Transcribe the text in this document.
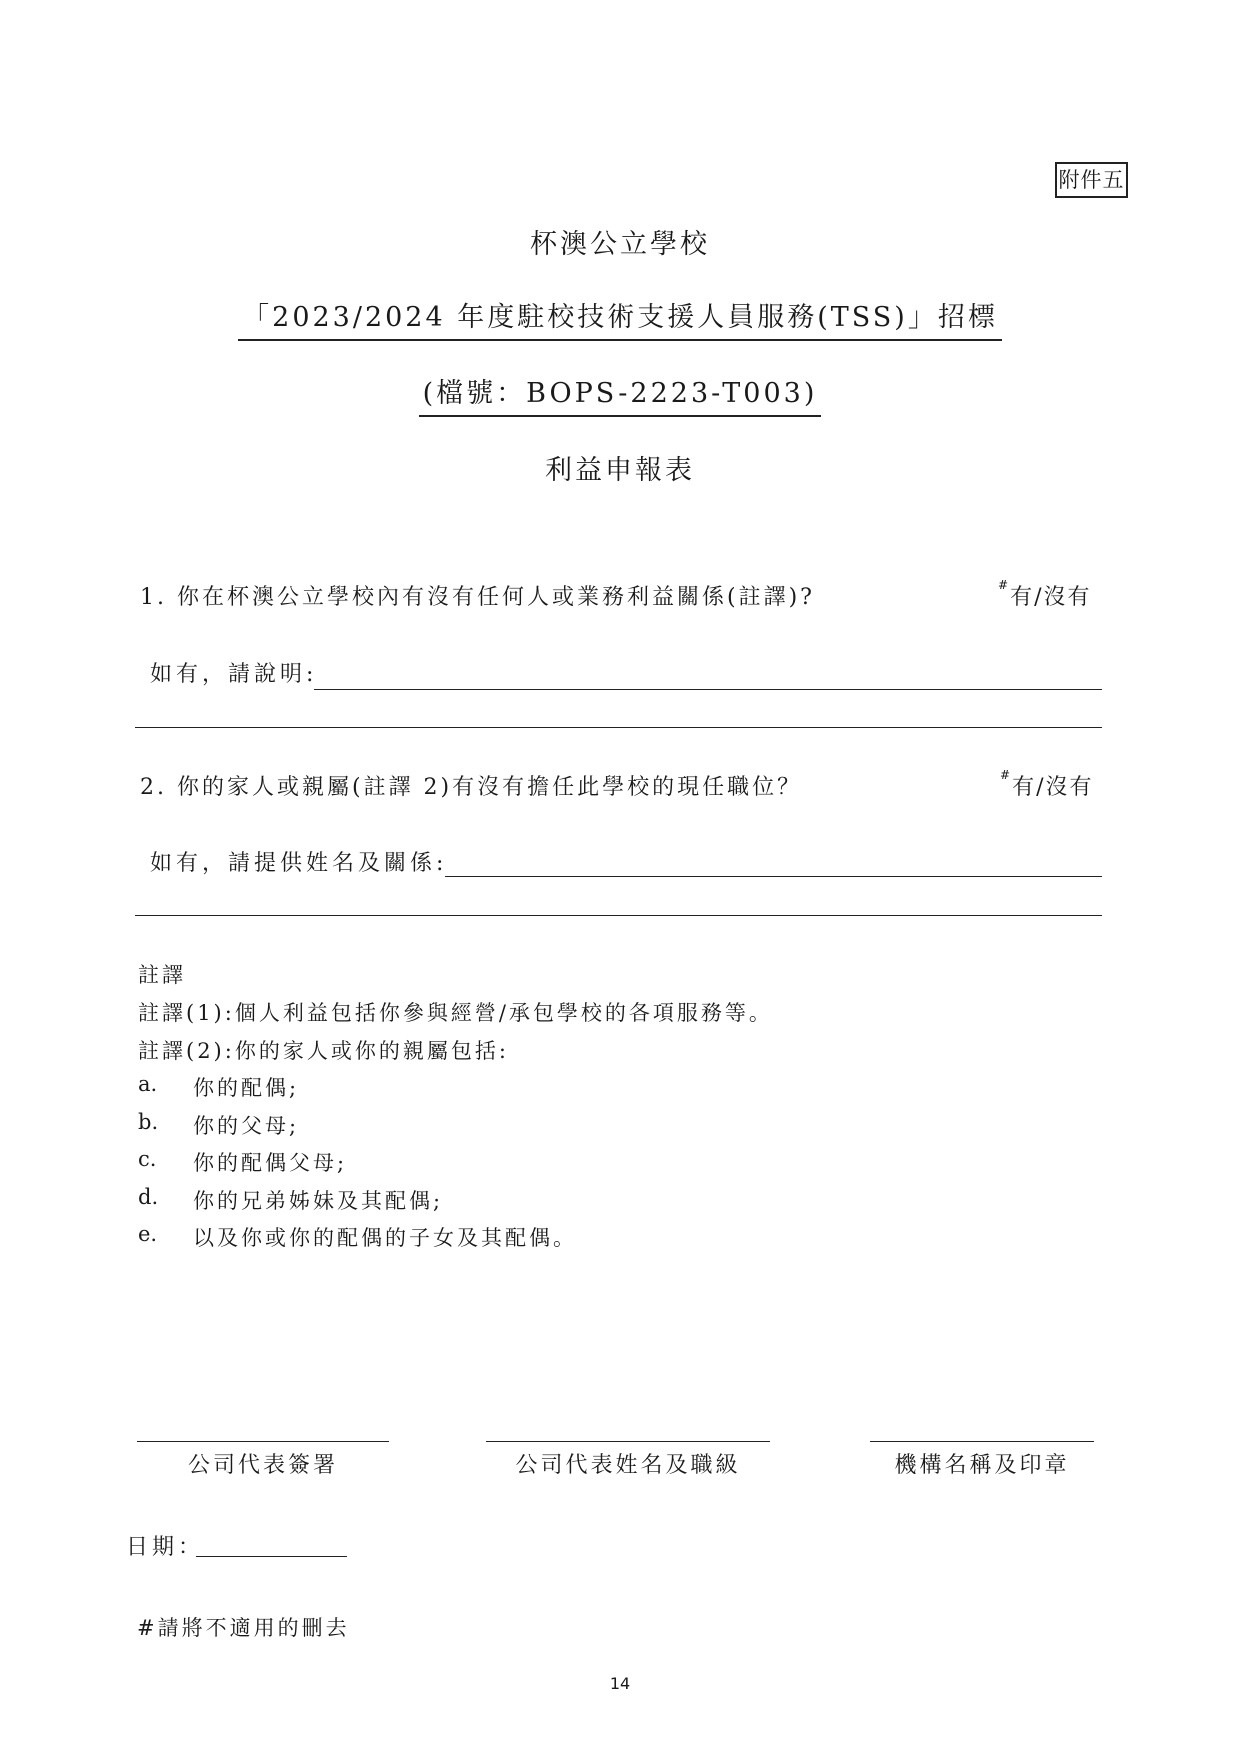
附件五
杯澳公立學校
「2023/2024 年度駐校技術支援人員服務(TSS)」招標
(檔號：BOPS-2223-T003)
利益申報表
1. 你在杯澳公立學校內有沒有任何人或業務利益關係(註譯)?	#有/沒有
如有，請說明:
2. 你的家人或親屬(註譯 2)有沒有擔任此學校的現任職位？	#有/沒有
如有，請提供姓名及關係:
註譯
註譯(1):個人利益包括你參與經營/承包學校的各項服務等。
註譯(2):你的家人或你的親屬包括:
a. 你的配偶;
b. 你的父母;
c. 你的配偶父母;
d. 你的兄弟姊妹及其配偶;
e. 以及你或你的配偶的子女及其配偶。
公司代表簽署	公司代表姓名及職級	機構名稱及印章
日期：
#請將不適用的刪去
14
